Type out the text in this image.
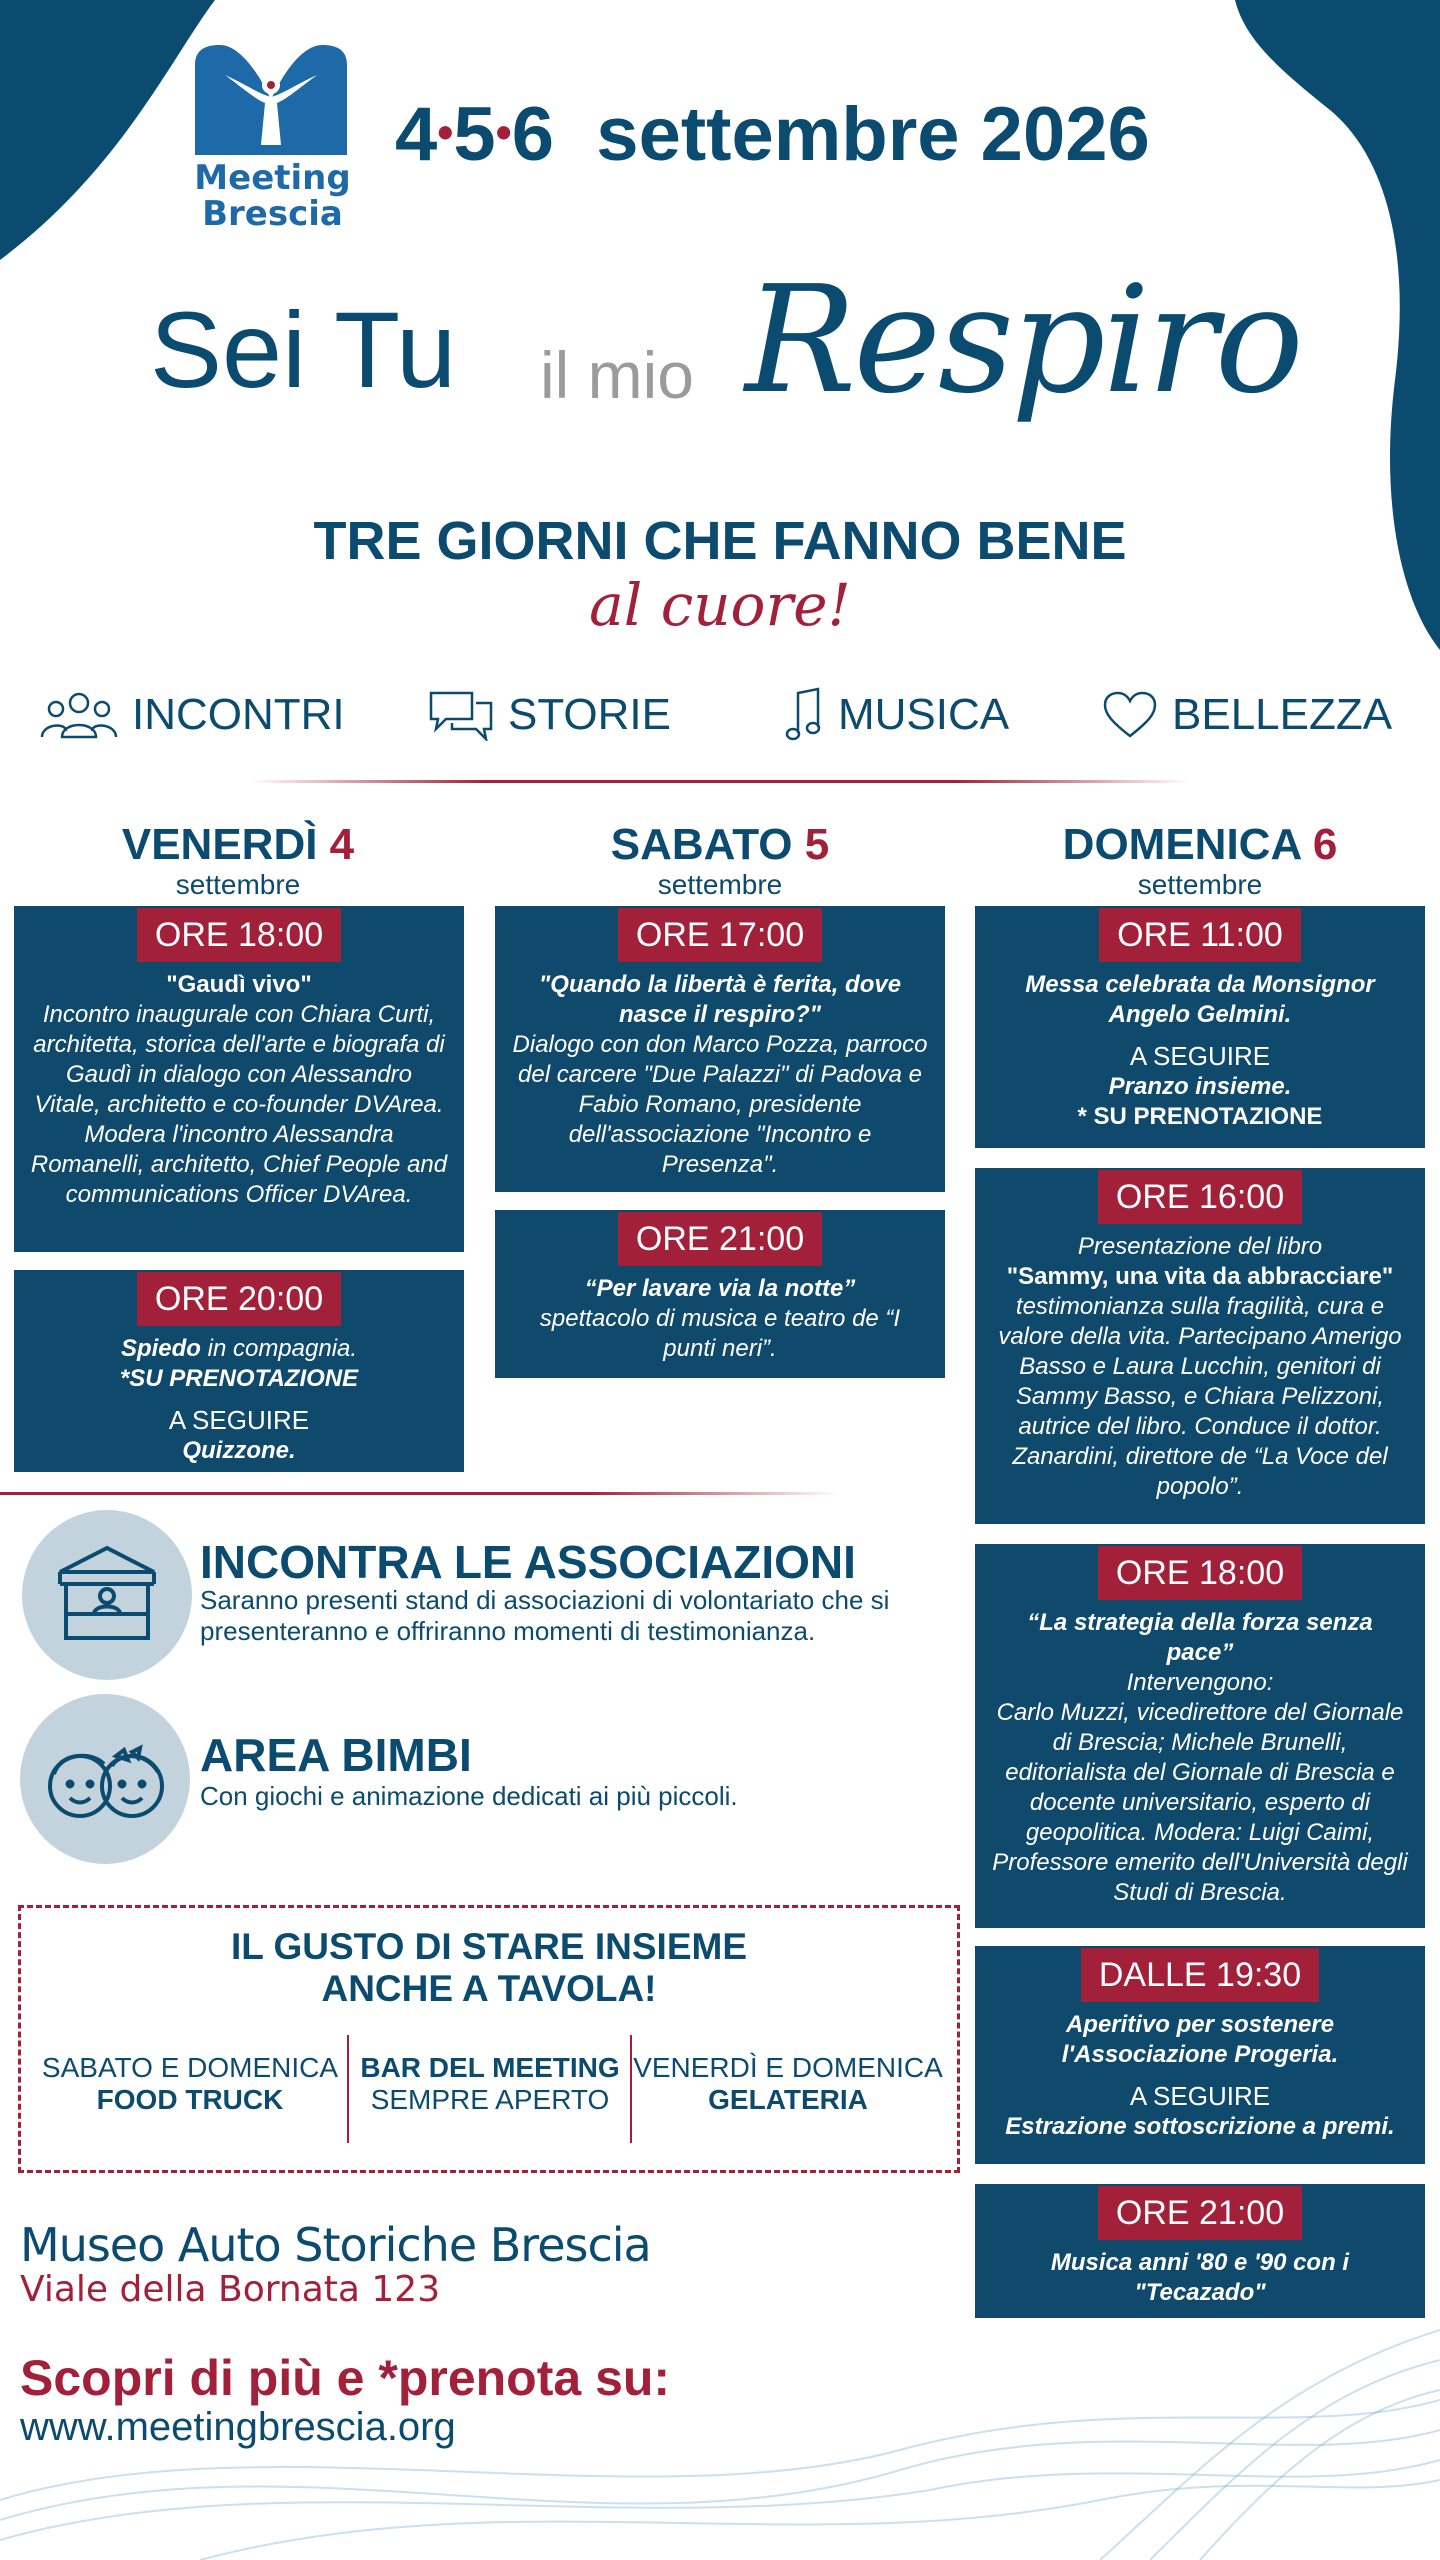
Meeting
Brescia
4•5•6 settembre 2026
Sei Tu il mio Respiro
TRE GIORNI CHE FANNO BENE
al cuore!
INCONTRI	STORIE	MUSICA	BELLEZZA
VENERDÌ 4
settembre
SABATO 5
settembre
DOMENICA 6
settembre
ORE 18:00

"Gaudì vivo"

Incontro inaugurale con Chiara Curti, architetta, storica dell'arte e biografa di Gaudì in dialogo con Alessandro Vitale, architetto e co-founder DVArea. Modera l'incontro Alessandra Romanelli, architetto, Chief People and communications Officer DVArea.

ORE 20:00

Spiedo in compagnia.

*SU PRENOTAZIONE

A SEGUIRE

Quizzone.

ORE 17:00

"Quando la libertà è ferita, dove nasce il respiro?"

Dialogo con don Marco Pozza, parroco del carcere "Due Palazzi" di Padova e Fabio Romano, presidente dell'associazione "Incontro e Presenza".

ORE 21:00

“Per lavare via la notte”

spettacolo di musica e teatro de “I punti neri”.

ORE 11:00

Messa celebrata da Monsignor Angelo Gelmini.

A SEGUIRE

Pranzo insieme.

* SU PRENOTAZIONE

ORE 16:00

Presentazione del libro

"Sammy, una vita da abbracciare"

testimonianza sulla fragilità, cura e valore della vita. Partecipano Amerigo Basso e Laura Lucchin, genitori di Sammy Basso, e Chiara Pelizzoni, autrice del libro. Conduce il dottor. Zanardini, direttore de “La Voce del popolo”.

ORE 18:00

“La strategia della forza senza pace”

Intervengono:

Carlo Muzzi, vicedirettore del Giornale di Brescia; Michele Brunelli, editorialista del Giornale di Brescia e docente universitario, esperto di geopolitica. Modera: Luigi Caimi, Professore emerito dell'Università degli Studi di Brescia.

DALLE 19:30

Aperitivo per sostenere l'Associazione Progeria.

A SEGUIRE

Estrazione sottoscrizione a premi.

ORE 21:00

Musica anni '80 e '90 con i "Tecazado"

INCONTRA LE ASSOCIAZIONI
Saranno presenti stand di associazioni di volontariato che si presenteranno e offriranno momenti di testimonianza.
AREA BIMBI
Con giochi e animazione dedicati ai più piccoli.
IL GUSTO DI STARE INSIEME
ANCHE A TAVOLA!
SABATO E DOMENICA
FOOD TRUCK
BAR DEL MEETING
SEMPRE APERTO
VENERDÌ E DOMENICA
GELATERIA
Museo Auto Storiche Brescia
Viale della Bornata 123
Scopri di più e *prenota su:
www.meetingbrescia.org
